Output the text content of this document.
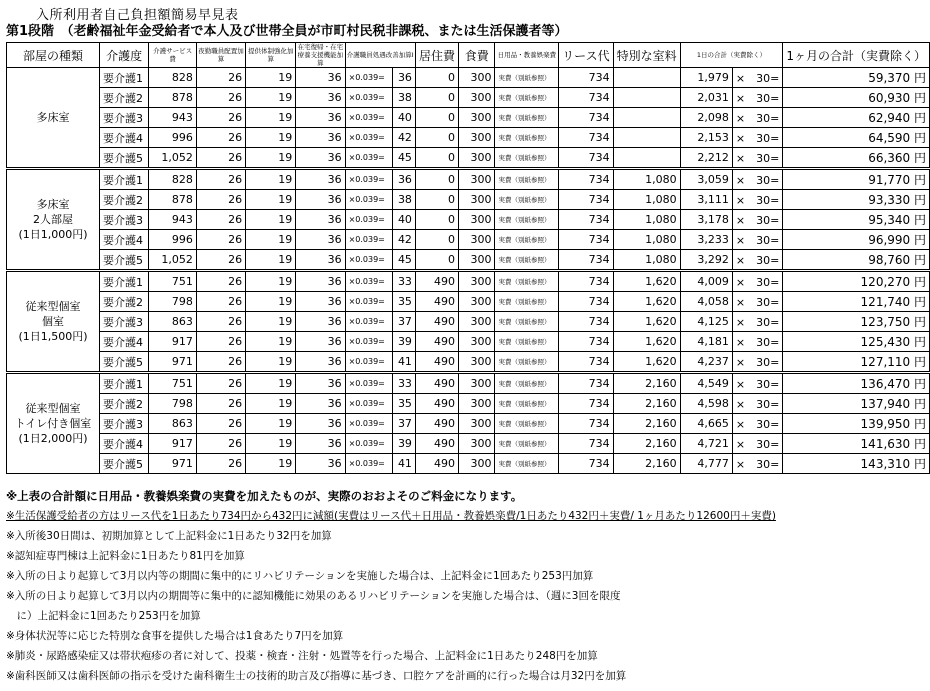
入所利用者自己負担額簡易早見表
第1段階　（老齢福祉年金受給者で本人及び世帯全員が市町村民税非課税、または生活保護者等）
部屋の種類	介護度	介護サービス費	夜勤職員配置加算	提供体制強化加算	在宅復帰・在宅療養支援機能加算	介護職員処遇改善加算Ⅰ		居住費	食費	日用品・教養娯楽費	リース代	特別な室料	1日の合計（実費除く）		1ヶ月の合計（実費除く）

多床室	要介護1	828	26	19	36	×0.039=	36	0	300	実費（別紙参照）	734		1,979	×　30=	59,370 円
	要介護2	878	26	19	36	×0.039=	38	0	300	実費（別紙参照）	734		2,031	×　30=	60,930 円
	要介護3	943	26	19	36	×0.039=	40	0	300	実費（別紙参照）	734		2,098	×　30=	62,940 円
	要介護4	996	26	19	36	×0.039=	42	0	300	実費（別紙参照）	734		2,153	×　30=	64,590 円
	要介護5	1,052	26	19	36	×0.039=	45	0	300	実費（別紙参照）	734		2,212	×　30=	66,360 円

多床室
2人部屋
(1日1,000円)	要介護1	828	26	19	36	×0.039=	36	0	300	実費（別紙参照）	734	1,080	3,059	×　30=	91,770 円
	要介護2	878	26	19	36	×0.039=	38	0	300	実費（別紙参照）	734	1,080	3,111	×　30=	93,330 円
	要介護3	943	26	19	36	×0.039=	40	0	300	実費（別紙参照）	734	1,080	3,178	×　30=	95,340 円
	要介護4	996	26	19	36	×0.039=	42	0	300	実費（別紙参照）	734	1,080	3,233	×　30=	96,990 円
	要介護5	1,052	26	19	36	×0.039=	45	0	300	実費（別紙参照）	734	1,080	3,292	×　30=	98,760 円

従来型個室
個室
(1日1,500円)	要介護1	751	26	19	36	×0.039=	33	490	300	実費（別紙参照）	734	1,620	4,009	×　30=	120,270 円
	要介護2	798	26	19	36	×0.039=	35	490	300	実費（別紙参照）	734	1,620	4,058	×　30=	121,740 円
	要介護3	863	26	19	36	×0.039=	37	490	300	実費（別紙参照）	734	1,620	4,125	×　30=	123,750 円
	要介護4	917	26	19	36	×0.039=	39	490	300	実費（別紙参照）	734	1,620	4,181	×　30=	125,430 円
	要介護5	971	26	19	36	×0.039=	41	490	300	実費（別紙参照）	734	1,620	4,237	×　30=	127,110 円

従来型個室
トイレ付き個室
(1日2,000円)	要介護1	751	26	19	36	×0.039=	33	490	300	実費（別紙参照）	734	2,160	4,549	×　30=	136,470 円
	要介護2	798	26	19	36	×0.039=	35	490	300	実費（別紙参照）	734	2,160	4,598	×　30=	137,940 円
	要介護3	863	26	19	36	×0.039=	37	490	300	実費（別紙参照）	734	2,160	4,665	×　30=	139,950 円
	要介護4	917	26	19	36	×0.039=	39	490	300	実費（別紙参照）	734	2,160	4,721	×　30=	141,630 円
	要介護5	971	26	19	36	×0.039=	41	490	300	実費（別紙参照）	734	2,160	4,777	×　30=	143,310 円
※上表の合計額に日用品・教養娯楽費の実費を加えたものが、実際のおおよそのご料金になります。
※生活保護受給者の方はリース代を1日あたり734円から432円に減額(実費はリース代＋日用品・教養娯楽費/1日あたり432円＋実費/ 1ヶ月あたり12600円＋実費)
※入所後30日間は、初期加算として上記料金に1日あたり32円を加算
※認知症専門棟は上記料金に1日あたり81円を加算
※入所の日より起算して3月以内等の期間に集中的にリハビリテーションを実施した場合は、上記料金に1回あたり253円加算
※入所の日より起算して3月以内の期間等に集中的に認知機能に効果のあるリハビリテーションを実施した場合は、（週に3回を限度
　に）上記料金に1回あたり253円を加算
※身体状況等に応じた特別な食事を提供した場合は1食あたり7円を加算
※肺炎・尿路感染症又は帯状疱疹の者に対して、投薬・検査・注射・処置等を行った場合、上記料金に1日あたり248円を加算
※歯科医師又は歯科医師の指示を受けた歯科衛生士の技術的助言及び指導に基づき、口腔ケアを計画的に行った場合は月32円を加算
